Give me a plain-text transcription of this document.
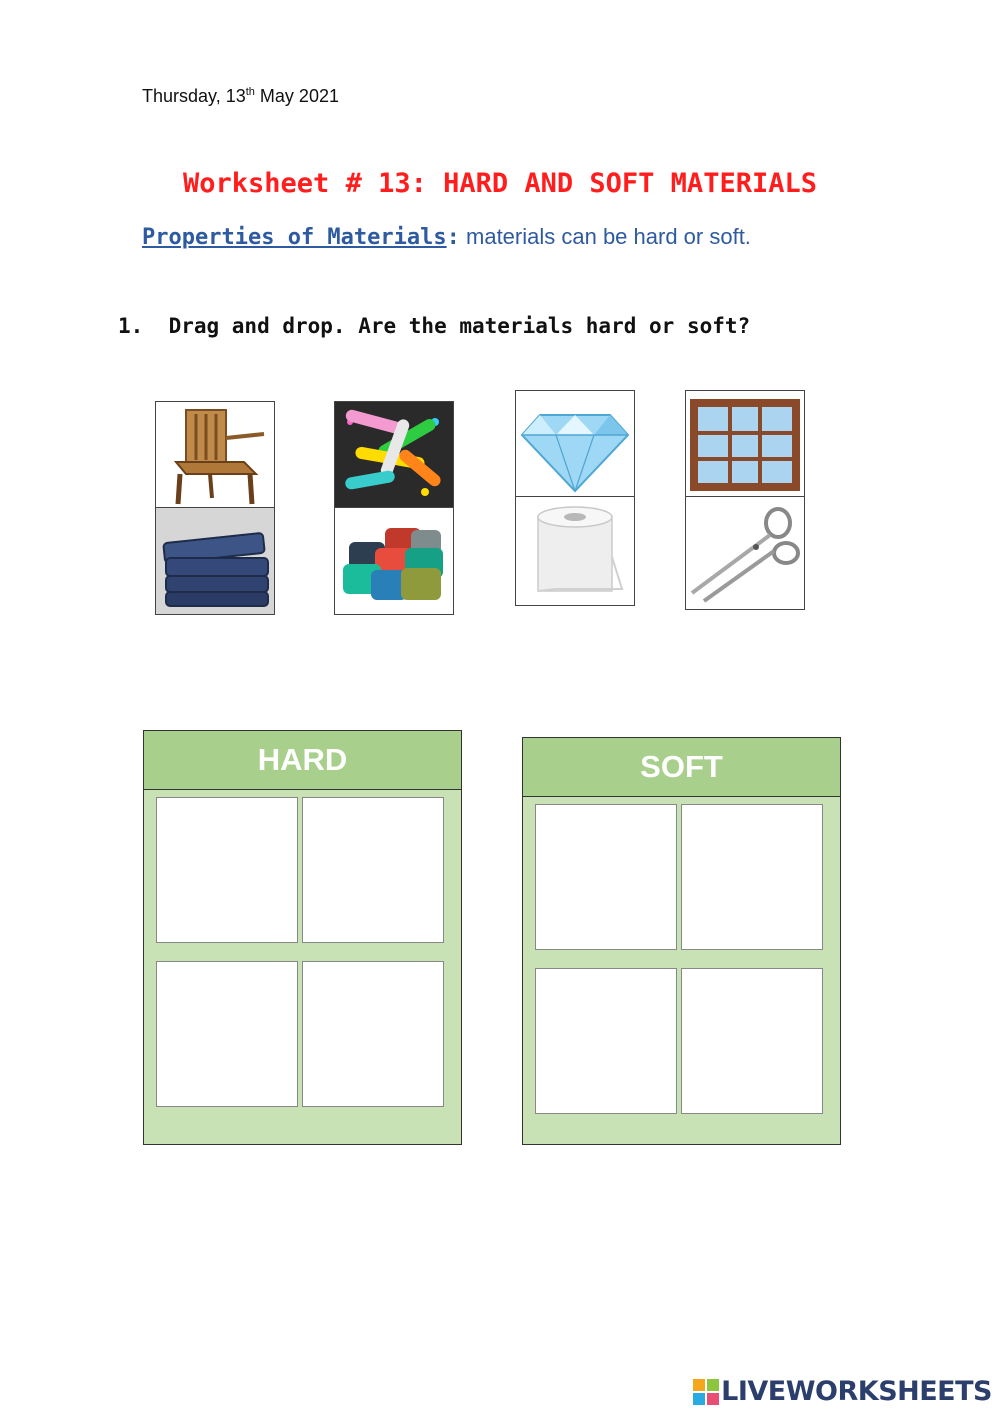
Thursday, 13th May 2021
Worksheet # 13: HARD AND SOFT MATERIALS
Properties of Materials: materials can be hard or soft.
1.  Drag and drop. Are the materials hard or soft?
HARD	SOFT
LIVEWORKSHEETS
